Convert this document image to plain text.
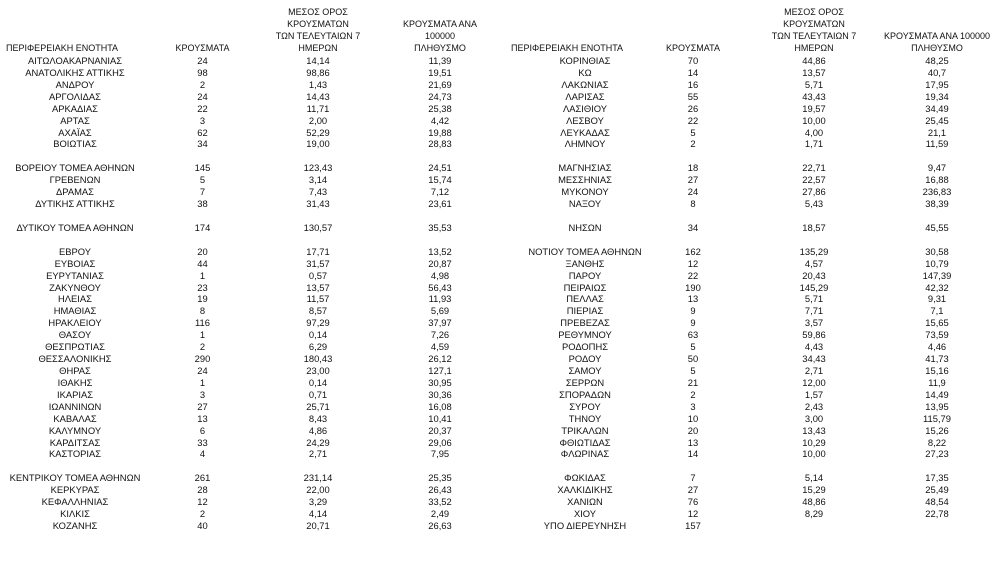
ΠΕΡΙΦΕΡΕΙΑΚΗ ΕΝΟΤΗΤΑ	ΚΡΟΥΣΜΑΤΑ
ΜΕΣΟΣ ΟΡΟΣ ΚΡΟΥΣΜΑΤΩΝ
ΤΩΝ ΤΕΛΕΥΤΑΙΩΝ 7
ΗΜΕΡΩΝ
ΚΡΟΥΣΜΑΤΑ ΑΝΑ 100000
ΠΛΗΘΥΣΜΟ
ΑΙΤΩΛΟΑΚΑΡΝΑΝΙΑΣ	24	14,14	11,39
ΑΝΑΤΟΛΙΚΗΣ ΑΤΤΙΚΗΣ	98	98,86	19,51
ΑΝΔΡΟΥ	2	1,43	21,69
ΑΡΓΟΛΙΔΑΣ	24	14,43	24,73
ΑΡΚΑΔΙΑΣ	22	11,71	25,38
ΑΡΤΑΣ	3	2,00	4,42
ΑΧΑΪΑΣ	62	52,29	19,88
ΒΟΙΩΤΙΑΣ	34	19,00	28,83
ΒΟΡΕΙΟΥ ΤΟΜΕΑ ΑΘΗΝΩΝ	145	123,43	24,51
ΓΡΕΒΕΝΩΝ	5	3,14	15,74
ΔΡΑΜΑΣ	7	7,43	7,12
ΔΥΤΙΚΗΣ ΑΤΤΙΚΗΣ	38	31,43	23,61
ΔΥΤΙΚΟΥ ΤΟΜΕΑ ΑΘΗΝΩΝ	174	130,57	35,53
ΕΒΡΟΥ	20	17,71	13,52
ΕΥΒΟΙΑΣ	44	31,57	20,87
ΕΥΡΥΤΑΝΙΑΣ	1	0,57	4,98
ΖΑΚΥΝΘΟΥ	23	13,57	56,43
ΗΛΕΙΑΣ	19	11,57	11,93
ΗΜΑΘΙΑΣ	8	8,57	5,69
ΗΡΑΚΛΕΙΟΥ	116	97,29	37,97
ΘΑΣΟΥ	1	0,14	7,26
ΘΕΣΠΡΩΤΙΑΣ	2	6,29	4,59
ΘΕΣΣΑΛΟΝΙΚΗΣ	290	180,43	26,12
ΘΗΡΑΣ	24	23,00	127,1
ΙΘΑΚΗΣ	1	0,14	30,95
ΙΚΑΡΙΑΣ	3	0,71	30,36
ΙΩΑΝΝΙΝΩΝ	27	25,71	16,08
ΚΑΒΑΛΑΣ	13	8,43	10,41
ΚΑΛΥΜΝΟΥ	6	4,86	20,37
ΚΑΡΔΙΤΣΑΣ	33	24,29	29,06
ΚΑΣΤΟΡΙΑΣ	4	2,71	7,95
ΚΕΝΤΡΙΚΟΥ ΤΟΜΕΑ ΑΘΗΝΩΝ	261	231,14	25,35
ΚΕΡΚΥΡΑΣ	28	22,00	26,43
ΚΕΦΑΛΛΗΝΙΑΣ	12	3,29	33,52
ΚΙΛΚΙΣ	2	4,14	2,49
ΚΟΖΑΝΗΣ	40	20,71	26,63
ΠΕΡΙΦΕΡΕΙΑΚΗ ΕΝΟΤΗΤΑ	ΚΡΟΥΣΜΑΤΑ
ΜΕΣΟΣ ΟΡΟΣ ΚΡΟΥΣΜΑΤΩΝ
ΤΩΝ ΤΕΛΕΥΤΑΙΩΝ 7
ΗΜΕΡΩΝ
ΚΡΟΥΣΜΑΤΑ ΑΝΑ 100000
ΠΛΗΘΥΣΜΟ
ΚΟΡΙΝΘΙΑΣ	70	44,86	48,25
ΚΩ	14	13,57	40,7
ΛΑΚΩΝΙΑΣ	16	5,71	17,95
ΛΑΡΙΣΑΣ	55	43,43	19,34
ΛΑΣΙΘΙΟΥ	26	19,57	34,49
ΛΕΣΒΟΥ	22	10,00	25,45
ΛΕΥΚΑΔΑΣ	5	4,00	21,1
ΛΗΜΝΟΥ	2	1,71	11,59
ΜΑΓΝΗΣΙΑΣ	18	22,71	9,47
ΜΕΣΣΗΝΙΑΣ	27	22,57	16,88
ΜΥΚΟΝΟΥ	24	27,86	236,83
ΝΑΞΟΥ	8	5,43	38,39
ΝΗΣΩΝ	34	18,57	45,55
ΝΟΤΙΟΥ ΤΟΜΕΑ ΑΘΗΝΩΝ	162	135,29	30,58
ΞΑΝΘΗΣ	12	4,57	10,79
ΠΑΡΟΥ	22	20,43	147,39
ΠΕΙΡΑΙΩΣ	190	145,29	42,32
ΠΕΛΛΑΣ	13	5,71	9,31
ΠΙΕΡΙΑΣ	9	7,71	7,1
ΠΡΕΒΕΖΑΣ	9	3,57	15,65
ΡΕΘΥΜΝΟΥ	63	59,86	73,59
ΡΟΔΟΠΗΣ	5	4,43	4,46
ΡΟΔΟΥ	50	34,43	41,73
ΣΑΜΟΥ	5	2,71	15,16
ΣΕΡΡΩΝ	21	12,00	11,9
ΣΠΟΡΑΔΩΝ	2	1,57	14,49
ΣΥΡΟΥ	3	2,43	13,95
ΤΗΝΟΥ	10	3,00	115,79
ΤΡΙΚΑΛΩΝ	20	13,43	15,26
ΦΘΙΩΤΙΔΑΣ	13	10,29	8,22
ΦΛΩΡΙΝΑΣ	14	10,00	27,23
ΦΩΚΙΔΑΣ	7	5,14	17,35
ΧΑΛΚΙΔΙΚΗΣ	27	15,29	25,49
ΧΑΝΙΩΝ	76	48,86	48,54
ΧΙΟΥ	12	8,29	22,78
ΥΠΟ ΔΙΕΡΕΥΝΗΣΗ	157
